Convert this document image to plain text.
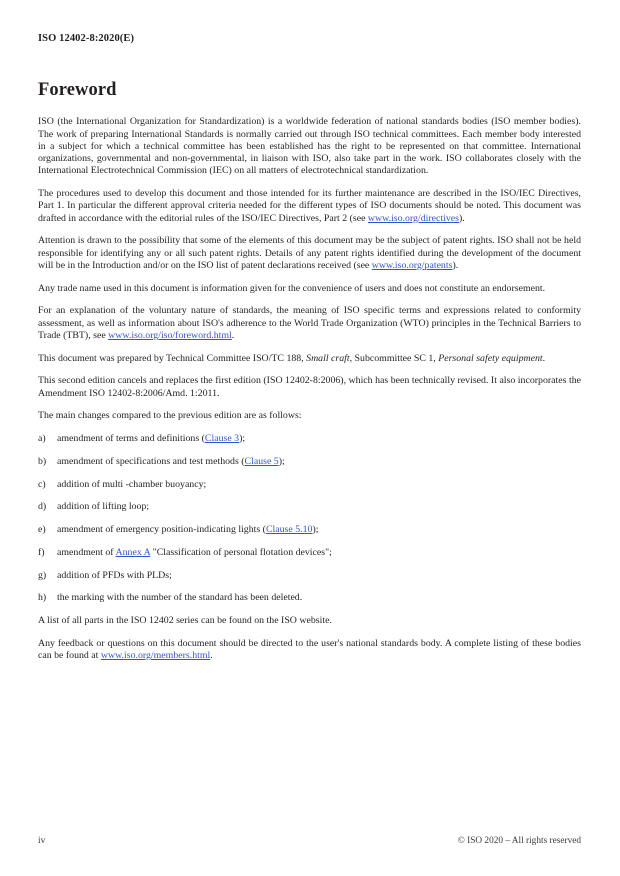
ISO 12402-8:2020(E)
Foreword

ISO (the International Organization for Standardization) is a worldwide federation of national standards bodies (ISO member bodies). The work of preparing International Standards is normally carried out through ISO technical committees. Each member body interested in a subject for which a technical committee has been established has the right to be represented on that committee. International organizations, governmental and non-governmental, in liaison with ISO, also take part in the work. ISO collaborates closely with the International Electrotechnical Commission (IEC) on all matters of electrotechnical standardization.

The procedures used to develop this document and those intended for its further maintenance are described in the ISO/IEC Directives, Part 1. In particular the different approval criteria needed for the different types of ISO documents should be noted. This document was drafted in accordance with the editorial rules of the ISO/IEC Directives, Part 2 (see www.iso.org/directives).

Attention is drawn to the possibility that some of the elements of this document may be the subject of patent rights. ISO shall not be held responsible for identifying any or all such patent rights. Details of any patent rights identified during the development of the document will be in the Introduction and/or on the ISO list of patent declarations received (see www.iso.org/patents).

Any trade name used in this document is information given for the convenience of users and does not constitute an endorsement.

For an explanation of the voluntary nature of standards, the meaning of ISO specific terms and expressions related to conformity assessment, as well as information about ISO's adherence to the World Trade Organization (WTO) principles in the Technical Barriers to Trade (TBT), see www.iso.org/iso/foreword.html.

This document was prepared by Technical Committee ISO/TC 188, Small craft, Subcommittee SC 1, Personal safety equipment.

This second edition cancels and replaces the first edition (ISO 12402-8:2006), which has been technically revised. It also incorporates the Amendment ISO 12402-8:2006/Amd. 1:2011.

The main changes compared to the previous edition are as follows:

a)	amendment of terms and definitions (Clause 3);
b)	amendment of specifications and test methods (Clause 5);
c)	addition of multi -chamber buoyancy;
d)	addition of lifting loop;
e)	amendment of emergency position-indicating lights (Clause 5.10);
f)	amendment of Annex A "Classification of personal flotation devices";
g)	addition of PFDs with PLDs;
h)	the marking with the number of the standard has been deleted.

A list of all parts in the ISO 12402 series can be found on the ISO website.

Any feedback or questions on this document should be directed to the user's national standards body. A complete listing of these bodies can be found at www.iso.org/members.html.

iv	© ISO 2020 – All rights reserved
